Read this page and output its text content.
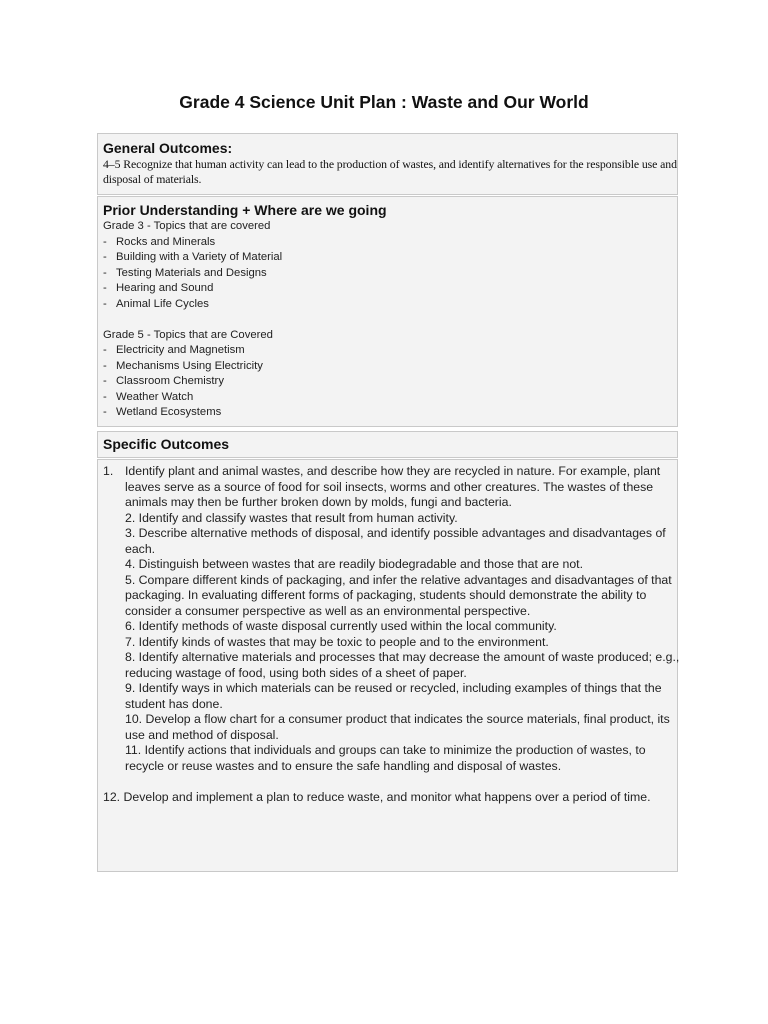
Grade 4 Science Unit Plan : Waste and Our World
General Outcomes:
4–5 Recognize that human activity can lead to the production of wastes, and identify alternatives for the responsible use and disposal of materials.
Prior Understanding + Where are we going
Grade 3 - Topics that are covered
- Rocks and Minerals
- Building with a Variety of Material
- Testing Materials and Designs
- Hearing and Sound
- Animal Life Cycles
Grade 5 - Topics that are Covered
- Electricity and Magnetism
- Mechanisms Using Electricity
- Classroom Chemistry
- Weather Watch
- Wetland Ecosystems
Specific Outcomes
1. Identify plant and animal wastes, and describe how they are recycled in nature. For example, plant leaves serve as a source of food for soil insects, worms and other creatures. The wastes of these animals may then be further broken down by molds, fungi and bacteria.
2. Identify and classify wastes that result from human activity.
3. Describe alternative methods of disposal, and identify possible advantages and disadvantages of each.
4. Distinguish between wastes that are readily biodegradable and those that are not.
5. Compare different kinds of packaging, and infer the relative advantages and disadvantages of that packaging. In evaluating different forms of packaging, students should demonstrate the ability to consider a consumer perspective as well as an environmental perspective.
6. Identify methods of waste disposal currently used within the local community.
7. Identify kinds of wastes that may be toxic to people and to the environment.
8. Identify alternative materials and processes that may decrease the amount of waste produced; e.g., reducing wastage of food, using both sides of a sheet of paper.
9. Identify ways in which materials can be reused or recycled, including examples of things that the student has done.
10. Develop a flow chart for a consumer product that indicates the source materials, final product, its use and method of disposal.
11. Identify actions that individuals and groups can take to minimize the production of wastes, to recycle or reuse wastes and to ensure the safe handling and disposal of wastes.
12. Develop and implement a plan to reduce waste, and monitor what happens over a period of time.
